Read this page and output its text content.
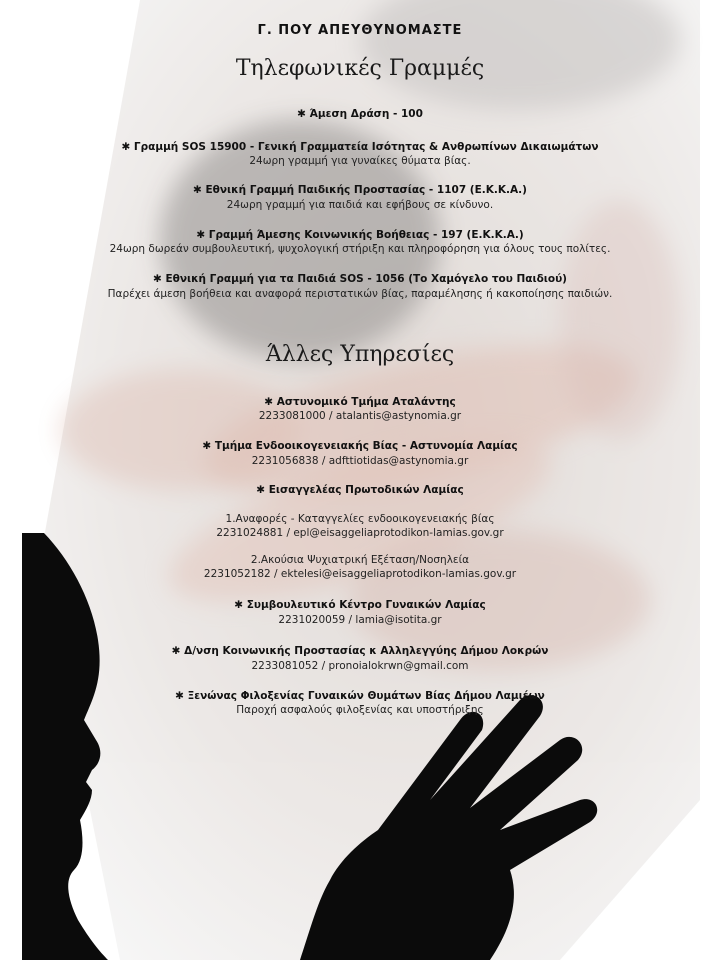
Γ. ΠΟΥ ΑΠΕΥΘΥΝΟΜΑΣΤΕ
Τηλεφωνικές Γραμμές
✱ Άμεση Δράση - 100
✱ Γραμμή SOS 15900 - Γενική Γραμματεία Ισότητας & Ανθρωπίνων Δικαιωμάτων
24ωρη γραμμή για γυναίκες θύματα βίας.
✱ Εθνική Γραμμή Παιδικής Προστασίας - 1107 (Ε.Κ.Κ.Α.)
24ωρη γραμμή για παιδιά και εφήβους σε κίνδυνο.
✱ Γραμμή Άμεσης Κοινωνικής Βοήθειας - 197 (Ε.Κ.Κ.Α.)
24ωρη δωρεάν συμβουλευτική, ψυχολογική στήριξη και πληροφόρηση για όλους τους πολίτες.
✱ Εθνική Γραμμή για τα Παιδιά SOS - 1056 (Το Χαμόγελο του Παιδιού)
Παρέχει άμεση βοήθεια και αναφορά περιστατικών βίας, παραμέλησης ή κακοποίησης παιδιών.
Άλλες Υπηρεσίες
✱ Αστυνομικό Τμήμα Αταλάντης
2233081000 / atalantis@astynomia.gr
✱ Τμήμα Ενδοοικογενειακής Βίας - Αστυνομία Λαμίας
2231056838 / adfttiotidas@astynomia.gr
✱ Εισαγγελέας Πρωτοδικών Λαμίας
1.Αναφορές - Καταγγελίες ενδοοικογενειακής βίας
2231024881 / epl@eisaggeliaprotodikon-lamias.gov.gr
2.Ακούσια Ψυχιατρική Εξέταση/Νοσηλεία
2231052182 / ektelesi@eisaggeliaprotodikon-lamias.gov.gr
✱ Συμβουλευτικό Κέντρο Γυναικών Λαμίας
2231020059 / lamia@isotita.gr
✱ Δ/νση Κοινωνικής Προστασίας κ Αλληλεγγύης Δήμου Λοκρών
2233081052 / pronoialokrwn@gmail.com
✱ Ξενώνας Φιλοξενίας Γυναικών Θυμάτων Βίας Δήμου Λαμιέων
Παροχή ασφαλούς φιλοξενίας και υποστήριξης
